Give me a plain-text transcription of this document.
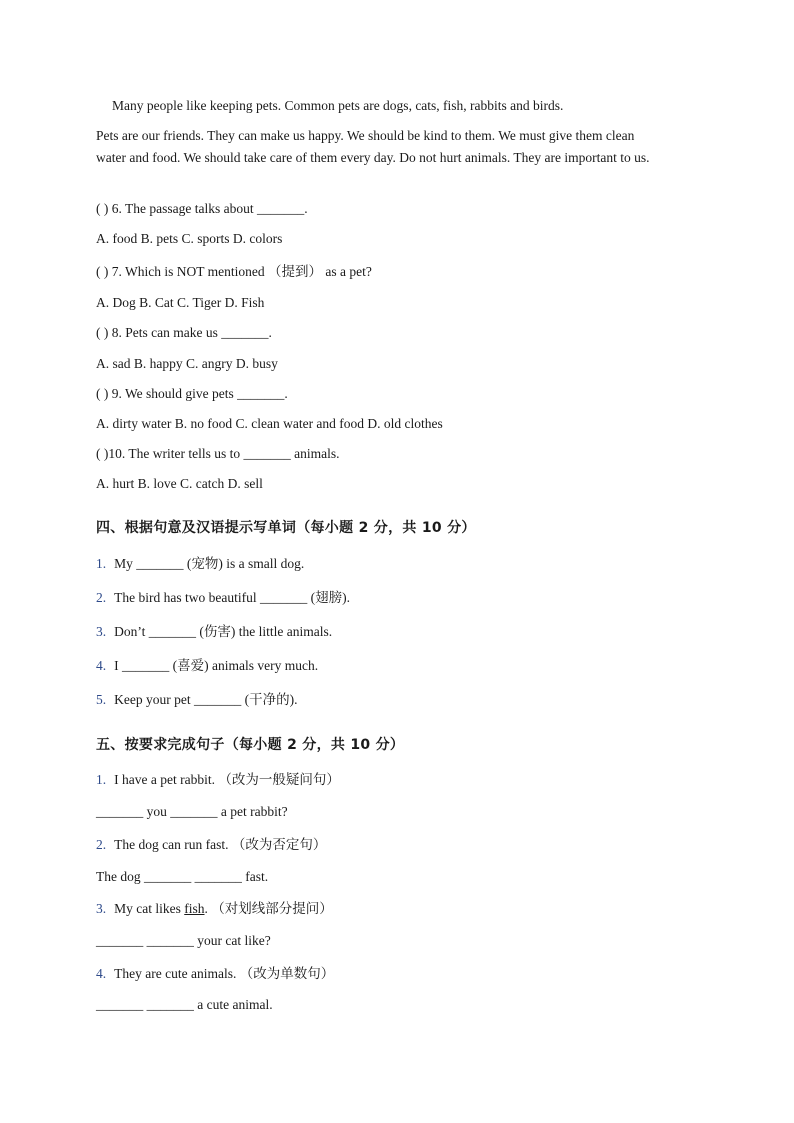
Many people like keeping pets. Common pets are dogs, cats, fish, rabbits and birds.
Pets are our friends. They can make us happy. We should be kind to them. We must give them clean water and food. We should take care of them every day. Do not hurt animals. They are important to us.
( ) 6. The passage talks about _______.
A. food B. pets C. sports D. colors
( ) 7. Which is NOT mentioned （提到） as a pet?
A. Dog B. Cat C. Tiger D. Fish
( ) 8. Pets can make us _______.
A. sad B. happy C. angry D. busy
( ) 9. We should give pets _______.
A. dirty water B. no food C. clean water and food D. old clothes
( )10. The writer tells us to _______ animals.
A. hurt B. love C. catch D. sell
四、根据句意及汉语提示写单词（每小题 2 分，共 10 分）
1. My _______ (宠物) is a small dog.
2. The bird has two beautiful _______ (翅膀).
3. Don’t _______ (伤害) the little animals.
4. I _______ (喜爱) animals very much.
5. Keep your pet _______ (干净的).
五、按要求完成句子（每小题 2 分，共 10 分）
1. I have a pet rabbit. （改为一般疑问句）
_______ you _______ a pet rabbit?
2. The dog can run fast. （改为否定句）
The dog _______ _______ fast.
3. My cat likes fish. （对划线部分提问）
_______ _______ your cat like?
4. They are cute animals. （改为单数句）
_______ _______ a cute animal.
